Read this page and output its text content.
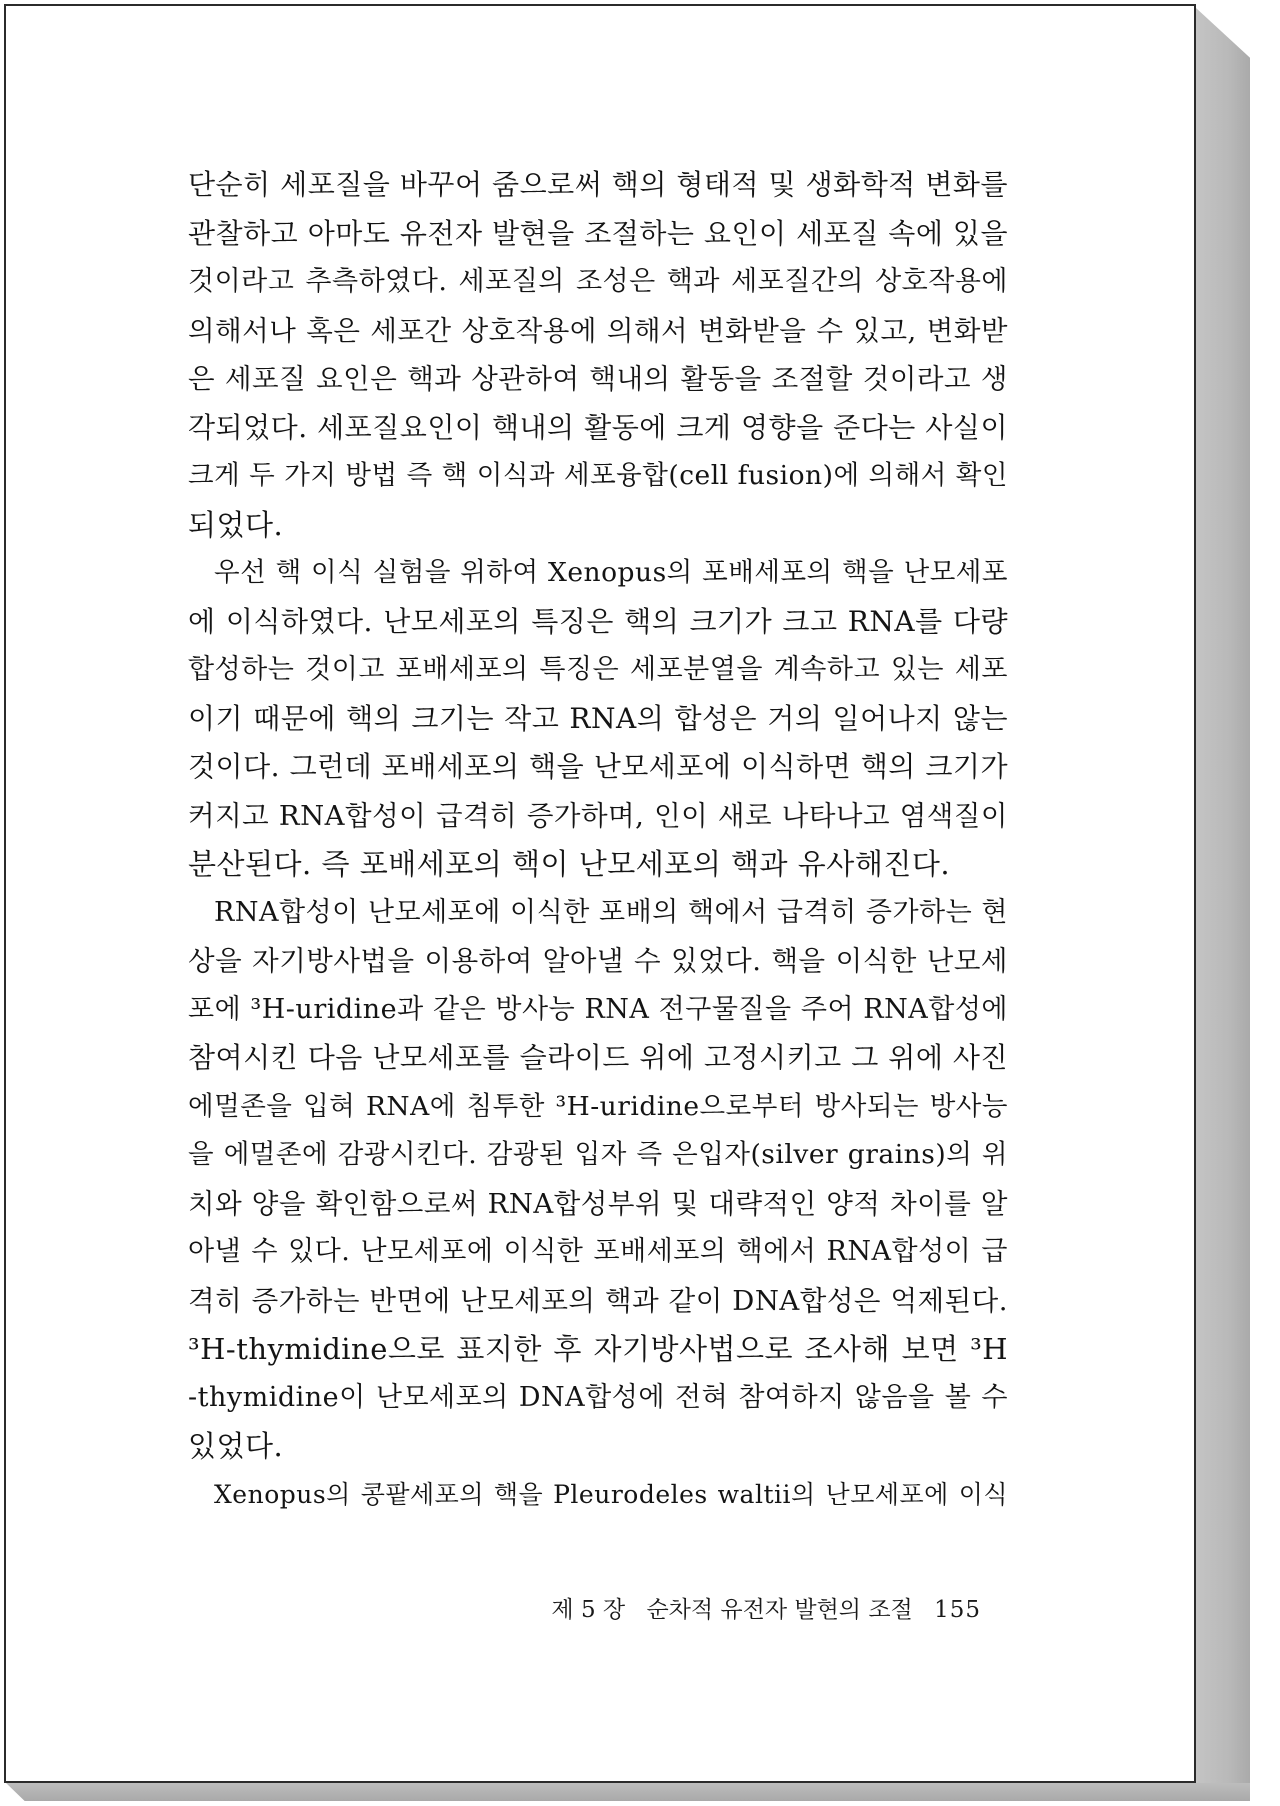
단순히 세포질을 바꾸어 줌으로써 핵의 형태적 및 생화학적 변화를
관찰하고 아마도 유전자 발현을 조절하는 요인이 세포질 속에 있을
것이라고 추측하였다. 세포질의 조성은 핵과 세포질간의 상호작용에
의해서나 혹은 세포간 상호작용에 의해서 변화받을 수 있고, 변화받
은 세포질 요인은 핵과 상관하여 핵내의 활동을 조절할 것이라고 생
각되었다. 세포질요인이 핵내의 활동에 크게 영향을 준다는 사실이
크게 두 가지 방법 즉 핵 이식과 세포융합(cell fusion)에 의해서 확인
되었다.

우선 핵 이식 실험을 위하여 Xenopus의 포배세포의 핵을 난모세포
에 이식하였다. 난모세포의 특징은 핵의 크기가 크고 RNA를 다량
합성하는 것이고 포배세포의 특징은 세포분열을 계속하고 있는 세포
이기 때문에 핵의 크기는 작고 RNA의 합성은 거의 일어나지 않는
것이다. 그런데 포배세포의 핵을 난모세포에 이식하면 핵의 크기가
커지고 RNA합성이 급격히 증가하며, 인이 새로 나타나고 염색질이
분산된다. 즉 포배세포의 핵이 난모세포의 핵과 유사해진다.

RNA합성이 난모세포에 이식한 포배의 핵에서 급격히 증가하는 현
상을 자기방사법을 이용하여 알아낼 수 있었다. 핵을 이식한 난모세
포에 ³H-uridine과 같은 방사능 RNA 전구물질을 주어 RNA합성에
참여시킨 다음 난모세포를 슬라이드 위에 고정시키고 그 위에 사진
에멀존을 입혀 RNA에 침투한 ³H-uridine으로부터 방사되는 방사능
을 에멀존에 감광시킨다. 감광된 입자 즉 은입자(silver grains)의 위
치와 양을 확인함으로써 RNA합성부위 및 대략적인 양적 차이를 알
아낼 수 있다. 난모세포에 이식한 포배세포의 핵에서 RNA합성이 급
격히 증가하는 반면에 난모세포의 핵과 같이 DNA합성은 억제된다.
³H-thymidine으로 표지한 후 자기방사법으로 조사해 보면 ³H
-thymidine이 난모세포의 DNA합성에 전혀 참여하지 않음을 볼 수
있었다.

Xenopus의 콩팥세포의 핵을 Pleurodeles waltii의 난모세포에 이식

제 5 장 순차적 유전자 발현의 조절 155
